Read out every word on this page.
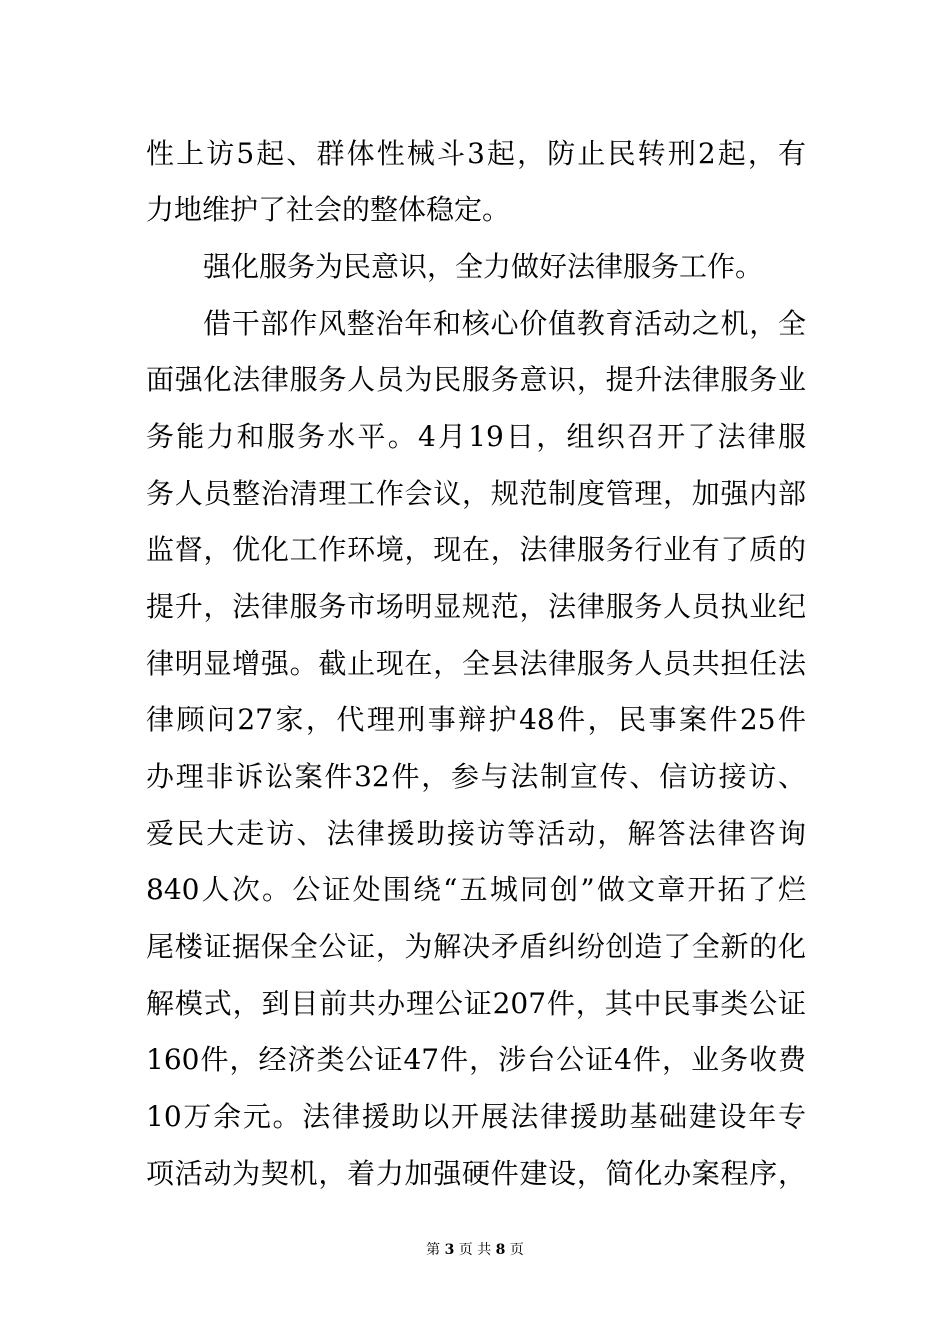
性上访5起、群体性械斗3起，防止民转刑2起，有
力地维护了社会的整体稳定。
强化服务为民意识，全力做好法律服务工作。
借干部作风整治年和核心价值教育活动之机，全
面强化法律服务人员为民服务意识，提升法律服务业
务能力和服务水平。4月19日，组织召开了法律服
务人员整治清理工作会议，规范制度管理，加强内部
监督，优化工作环境，现在，法律服务行业有了质的
提升，法律服务市场明显规范，法律服务人员执业纪
律明显增强。截止现在，全县法律服务人员共担任法
律顾问27家，代理刑事辩护48件，民事案件25件
办理非诉讼案件32件，参与法制宣传、信访接访、
爱民大走访、法律援助接访等活动，解答法律咨询
840人次。公证处围绕“五城同创”做文章开拓了烂
尾楼证据保全公证，为解决矛盾纠纷创造了全新的化
解模式，到目前共办理公证207件，其中民事类公证
160件，经济类公证47件，涉台公证4件，业务收费
10万余元。法律援助以开展法律援助基础建设年专
项活动为契机，着力加强硬件建设，简化办案程序，
第 3 页 共 8 页
